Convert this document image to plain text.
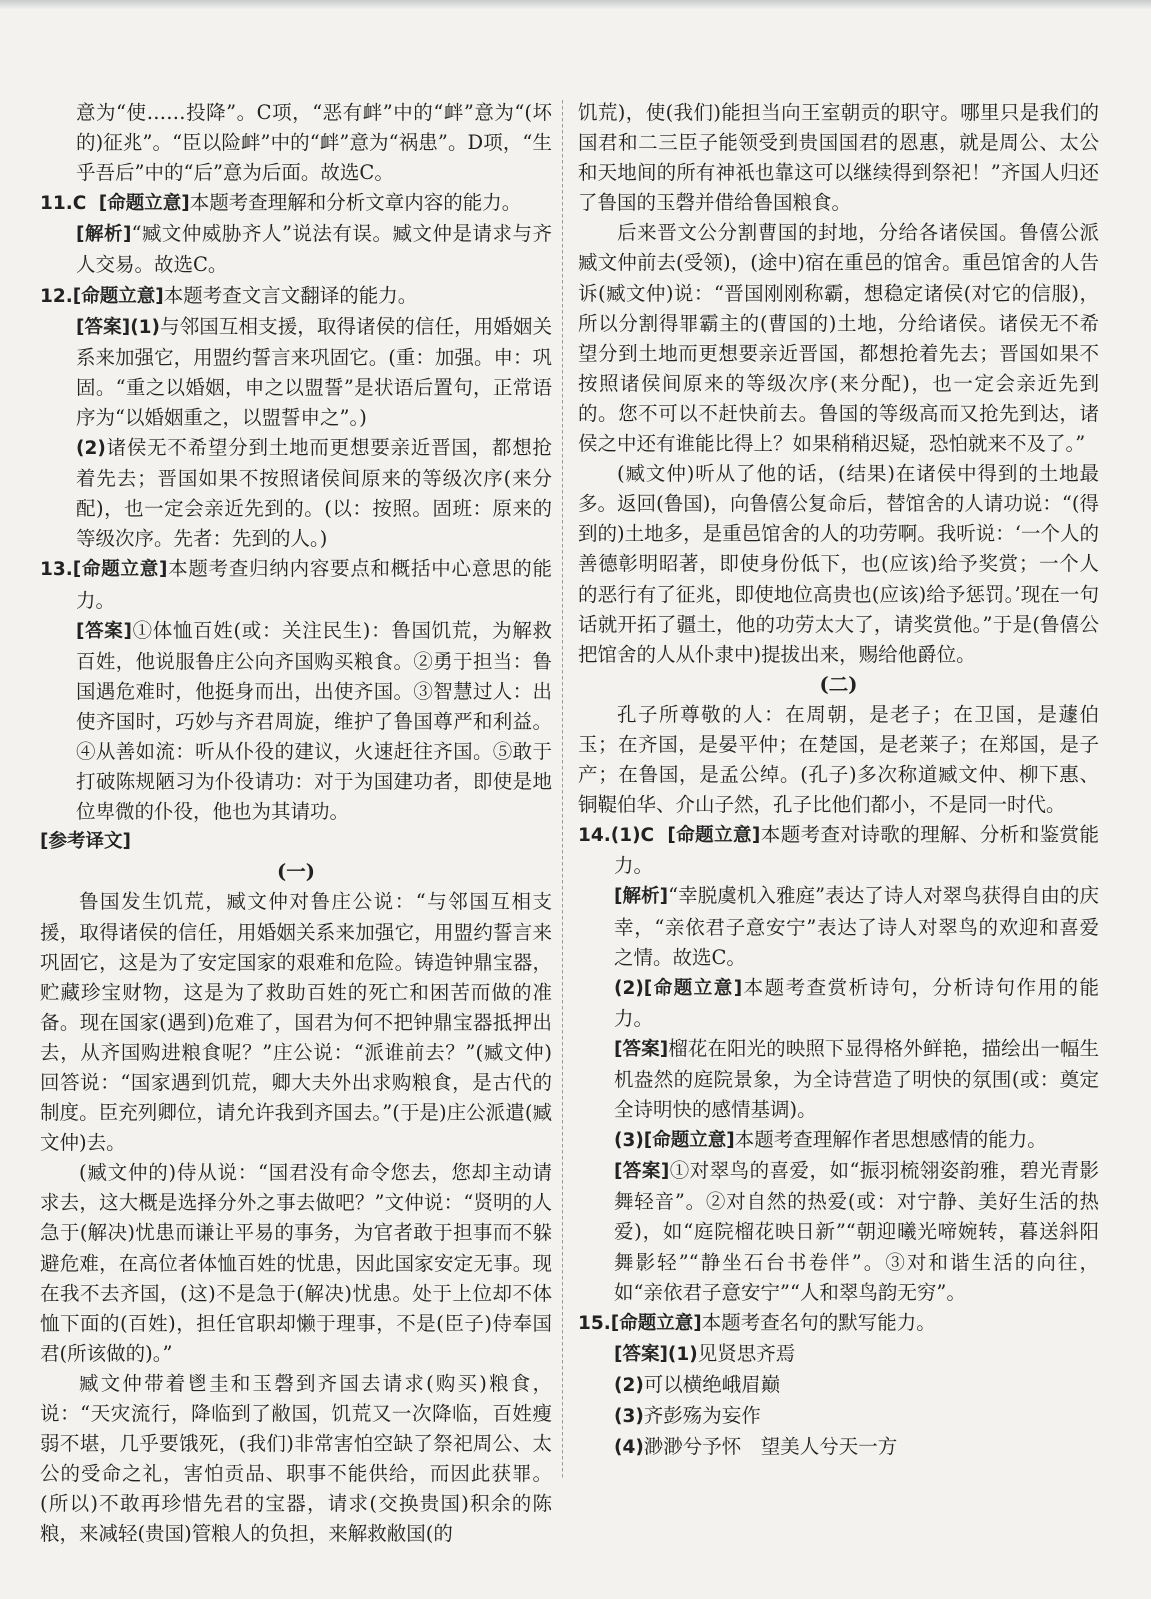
意为“使……投降”。C项，“恶有衅”中的“衅”意为“(坏的)征兆”。“臣以险衅”中的“衅”意为“祸患”。D项，“生乎吾后”中的“后”意为后面。故选C。

11.C [命题立意]本题考查理解和分析文章内容的能力。

[解析]“臧文仲威胁齐人”说法有误。臧文仲是请求与齐人交易。故选C。

12.[命题立意]本题考查文言文翻译的能力。

[答案](1)与邻国互相支援，取得诸侯的信任，用婚姻关系来加强它，用盟约誓言来巩固它。(重：加强。申：巩固。“重之以婚姻，申之以盟誓”是状语后置句，正常语序为“以婚姻重之，以盟誓申之”。)

(2)诸侯无不希望分到土地而更想要亲近晋国，都想抢着先去；晋国如果不按照诸侯间原来的等级次序(来分配)，也一定会亲近先到的。(以：按照。固班：原来的等级次序。先者：先到的人。)

13.[命题立意]本题考查归纳内容要点和概括中心意思的能力。

[答案]①体恤百姓(或：关注民生)：鲁国饥荒，为解救百姓，他说服鲁庄公向齐国购买粮食。②勇于担当：鲁国遇危难时，他挺身而出，出使齐国。③智慧过人：出使齐国时，巧妙与齐君周旋，维护了鲁国尊严和利益。④从善如流：听从仆役的建议，火速赶往齐国。⑤敢于打破陈规陋习为仆役请功：对于为国建功者，即使是地位卑微的仆役，他也为其请功。

[参考译文]

(一)

鲁国发生饥荒，臧文仲对鲁庄公说：“与邻国互相支援，取得诸侯的信任，用婚姻关系来加强它，用盟约誓言来巩固它，这是为了安定国家的艰难和危险。铸造钟鼎宝器，贮藏珍宝财物，这是为了救助百姓的死亡和困苦而做的准备。现在国家(遇到)危难了，国君为何不把钟鼎宝器抵押出去，从齐国购进粮食呢？”庄公说：“派谁前去？”(臧文仲)回答说：“国家遇到饥荒，卿大夫外出求购粮食，是古代的制度。臣充列卿位，请允许我到齐国去。”(于是)庄公派遣(臧文仲)去。

(臧文仲的)侍从说：“国君没有命令您去，您却主动请求去，这大概是选择分外之事去做吧？”文仲说：“贤明的人急于(解决)忧患而谦让平易的事务，为官者敢于担事而不躲避危难，在高位者体恤百姓的忧患，因此国家安定无事。现在我不去齐国，(这)不是急于(解决)忧患。处于上位却不体恤下面的(百姓)，担任官职却懒于理事，不是(臣子)侍奉国君(所该做的)。”

臧文仲带着鬯圭和玉磬到齐国去请求(购买)粮食，说：“天灾流行，降临到了敝国，饥荒又一次降临，百姓瘦弱不堪，几乎要饿死，(我们)非常害怕空缺了祭祀周公、太公的受命之礼，害怕贡品、职事不能供给，而因此获罪。(所以)不敢再珍惜先君的宝器，请求(交换贵国)积余的陈粮，来减轻(贵国)管粮人的负担，来解救敝国(的

饥荒)，使(我们)能担当向王室朝贡的职守。哪里只是我们的国君和二三臣子能领受到贵国国君的恩惠，就是周公、太公和天地间的所有神祇也靠这可以继续得到祭祀！”齐国人归还了鲁国的玉磬并借给鲁国粮食。

后来晋文公分割曹国的封地，分给各诸侯国。鲁僖公派臧文仲前去(受领)，(途中)宿在重邑的馆舍。重邑馆舍的人告诉(臧文仲)说：“晋国刚刚称霸，想稳定诸侯(对它的信服)，所以分割得罪霸主的(曹国的)土地，分给诸侯。诸侯无不希望分到土地而更想要亲近晋国，都想抢着先去；晋国如果不按照诸侯间原来的等级次序(来分配)，也一定会亲近先到的。您不可以不赶快前去。鲁国的等级高而又抢先到达，诸侯之中还有谁能比得上？如果稍稍迟疑，恐怕就来不及了。”

(臧文仲)听从了他的话，(结果)在诸侯中得到的土地最多。返回(鲁国)，向鲁僖公复命后，替馆舍的人请功说：“(得到的)土地多，是重邑馆舍的人的功劳啊。我听说：‘一个人的善德彰明昭著，即使身份低下，也(应该)给予奖赏；一个人的恶行有了征兆，即使地位高贵也(应该)给予惩罚。’现在一句话就开拓了疆土，他的功劳太大了，请奖赏他。”于是(鲁僖公把馆舍的人从仆隶中)提拔出来，赐给他爵位。

(二)

孔子所尊敬的人：在周朝，是老子；在卫国，是蘧伯玉；在齐国，是晏平仲；在楚国，是老莱子；在郑国，是子产；在鲁国，是孟公绰。(孔子)多次称道臧文仲、柳下惠、铜鞮伯华、介山子然，孔子比他们都小，不是同一时代。

14.(1)C [命题立意]本题考查对诗歌的理解、分析和鉴赏能力。

[解析]“幸脱虞机入雅庭”表达了诗人对翠鸟获得自由的庆幸，“亲依君子意安宁”表达了诗人对翠鸟的欢迎和喜爱之情。故选C。

(2)[命题立意]本题考查赏析诗句，分析诗句作用的能力。

[答案]榴花在阳光的映照下显得格外鲜艳，描绘出一幅生机盎然的庭院景象，为全诗营造了明快的氛围(或：奠定全诗明快的感情基调)。

(3)[命题立意]本题考查理解作者思想感情的能力。

[答案]①对翠鸟的喜爱，如“振羽梳翎姿韵雅，碧光青影舞轻音”。②对自然的热爱(或：对宁静、美好生活的热爱)，如“庭院榴花映日新”“朝迎曦光啼婉转，暮送斜阳舞影轻”“静坐石台书卷伴”。③对和谐生活的向往，如“亲依君子意安宁”“人和翠鸟韵无穷”。

15.[命题立意]本题考查名句的默写能力。

[答案](1)见贤思齐焉

(2)可以横绝峨眉巅

(3)齐彭殇为妄作

(4)渺渺兮予怀　望美人兮天一方
